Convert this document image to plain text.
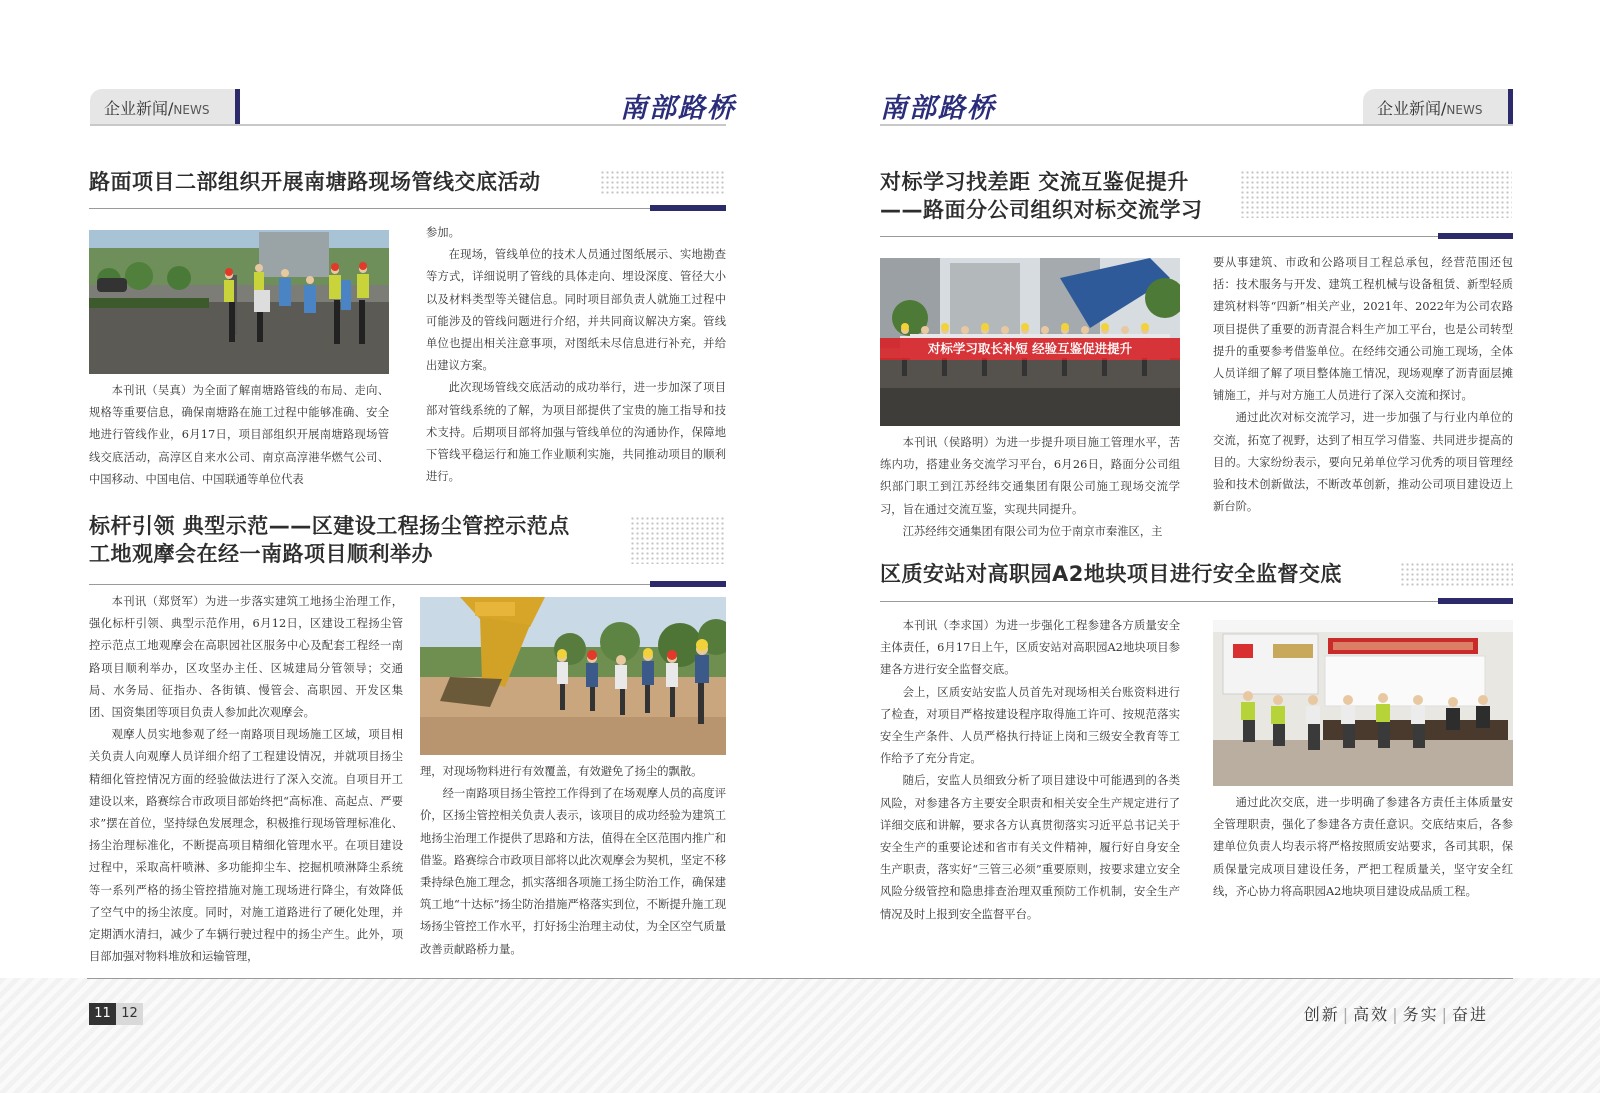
企业新闻/NEWS	南部路桥
路面项目二部组织开展南塘路现场管线交底活动

本刊讯（吴真）为全面了解南塘路管线的布局、走向、规格等重要信息，确保南塘路在施工过程中能够准确、安全地进行管线作业，6月17日，项目部组织开展南塘路现场管线交底活动，高淳区自来水公司、南京高淳港华燃气公司、中国移动、中国电信、中国联通等单位代表

参加。

在现场，管线单位的技术人员通过图纸展示、实地勘查等方式，详细说明了管线的具体走向、埋设深度、管径大小以及材料类型等关键信息。同时项目部负责人就施工过程中可能涉及的管线问题进行介绍，并共同商议解决方案。管线单位也提出相关注意事项，对图纸未尽信息进行补充，并给出建议方案。

此次现场管线交底活动的成功举行，进一步加深了项目部对管线系统的了解，为项目部提供了宝贵的施工指导和技术支持。后期项目部将加强与管线单位的沟通协作，保障地下管线平稳运行和施工作业顺利实施，共同推动项目的顺利进行。

标杆引领 典型示范——区建设工程扬尘管控示范点
工地观摩会在经一南路项目顺利举办

本刊讯（郑贤军）为进一步落实建筑工地扬尘治理工作，强化标杆引领、典型示范作用，6月12日，区建设工程扬尘管控示范点工地观摩会在高职园社区服务中心及配套工程经一南路项目顺利举办，区攻坚办主任、区城建局分管领导；交通局、水务局、征指办、各街镇、慢管会、高职园、开发区集团、国资集团等项目负责人参加此次观摩会。

观摩人员实地参观了经一南路项目现场施工区域，项目相关负责人向观摩人员详细介绍了工程建设情况，并就项目扬尘精细化管控情况方面的经验做法进行了深入交流。自项目开工建设以来，路赛综合市政项目部始终把“高标准、高起点、严要求”摆在首位，坚持绿色发展理念，积极推行现场管理标准化、扬尘治理标准化，不断提高项目精细化管理水平。在项目建设过程中，采取高杆喷淋、多功能抑尘车、挖掘机喷淋降尘系统等一系列严格的扬尘管控措施对施工现场进行降尘，有效降低了空气中的扬尘浓度。同时，对施工道路进行了硬化处理，并定期洒水清扫，减少了车辆行驶过程中的扬尘产生。此外，项目部加强对物料堆放和运输管理，

理，对现场物料进行有效覆盖，有效避免了扬尘的飘散。

经一南路项目扬尘管控工作得到了在场观摩人员的高度评价，区扬尘管控相关负责人表示，该项目的成功经验为建筑工地扬尘治理工作提供了思路和方法，值得在全区范围内推广和借鉴。路赛综合市政项目部将以此次观摩会为契机，坚定不移秉持绿色施工理念，抓实落细各项施工扬尘防治工作，确保建筑工地“十达标”扬尘防治措施严格落实到位，不断提升施工现场扬尘管控工作水平，打好扬尘治理主动仗，为全区空气质量改善贡献路桥力量。

南部路桥	企业新闻/NEWS
对标学习找差距 交流互鉴促提升
——路面分公司组织对标交流学习
对标学习取长补短 经验互鉴促进提升

本刊讯（侯路明）为进一步提升项目施工管理水平，苦练内功，搭建业务交流学习平台，6月26日，路面分公司组织部门职工到江苏经纬交通集团有限公司施工现场交流学习，旨在通过交流互鉴，实现共同提升。

江苏经纬交通集团有限公司为位于南京市秦淮区，主

要从事建筑、市政和公路项目工程总承包，经营范围还包括：技术服务与开发、建筑工程机械与设备租赁、新型轻质建筑材料等“四新”相关产业，2021年、2022年为公司农路项目提供了重要的沥青混合料生产加工平台，也是公司转型提升的重要参考借鉴单位。在经纬交通公司施工现场，全体人员详细了解了项目整体施工情况，现场观摩了沥青面层摊铺施工，并与对方施工人员进行了深入交流和探讨。

通过此次对标交流学习，进一步加强了与行业内单位的交流，拓宽了视野，达到了相互学习借鉴、共同进步提高的目的。大家纷纷表示，要向兄弟单位学习优秀的项目管理经验和技术创新做法，不断改革创新，推动公司项目建设迈上新台阶。

区质安站对高职园A2地块项目进行安全监督交底

本刊讯（李求国）为进一步强化工程参建各方质量安全主体责任，6月17日上午，区质安站对高职园A2地块项目参建各方进行安全监督交底。

会上，区质安站安监人员首先对现场相关台账资料进行了检查，对项目严格按建设程序取得施工许可、按规范落实安全生产条件、人员严格执行持证上岗和三级安全教育等工作给予了充分肯定。

随后，安监人员细致分析了项目建设中可能遇到的各类风险，对参建各方主要安全职责和相关安全生产规定进行了详细交底和讲解，要求各方认真贯彻落实习近平总书记关于安全生产的重要论述和省市有关文件精神，履行好自身安全生产职责，落实好“三管三必须”重要原则，按要求建立安全风险分级管控和隐患排查治理双重预防工作机制，安全生产情况及时上报到安全监督平台。

通过此次交底，进一步明确了参建各方责任主体质量安全管理职责，强化了参建各方责任意识。交底结束后，各参建单位负责人均表示将严格按照质安站要求，各司其职，保质保量完成项目建设任务，严把工程质量关，坚守安全红线，齐心协力将高职园A2地块项目建设成品质工程。

11 12	创新 | 高效 | 务实 | 奋进
